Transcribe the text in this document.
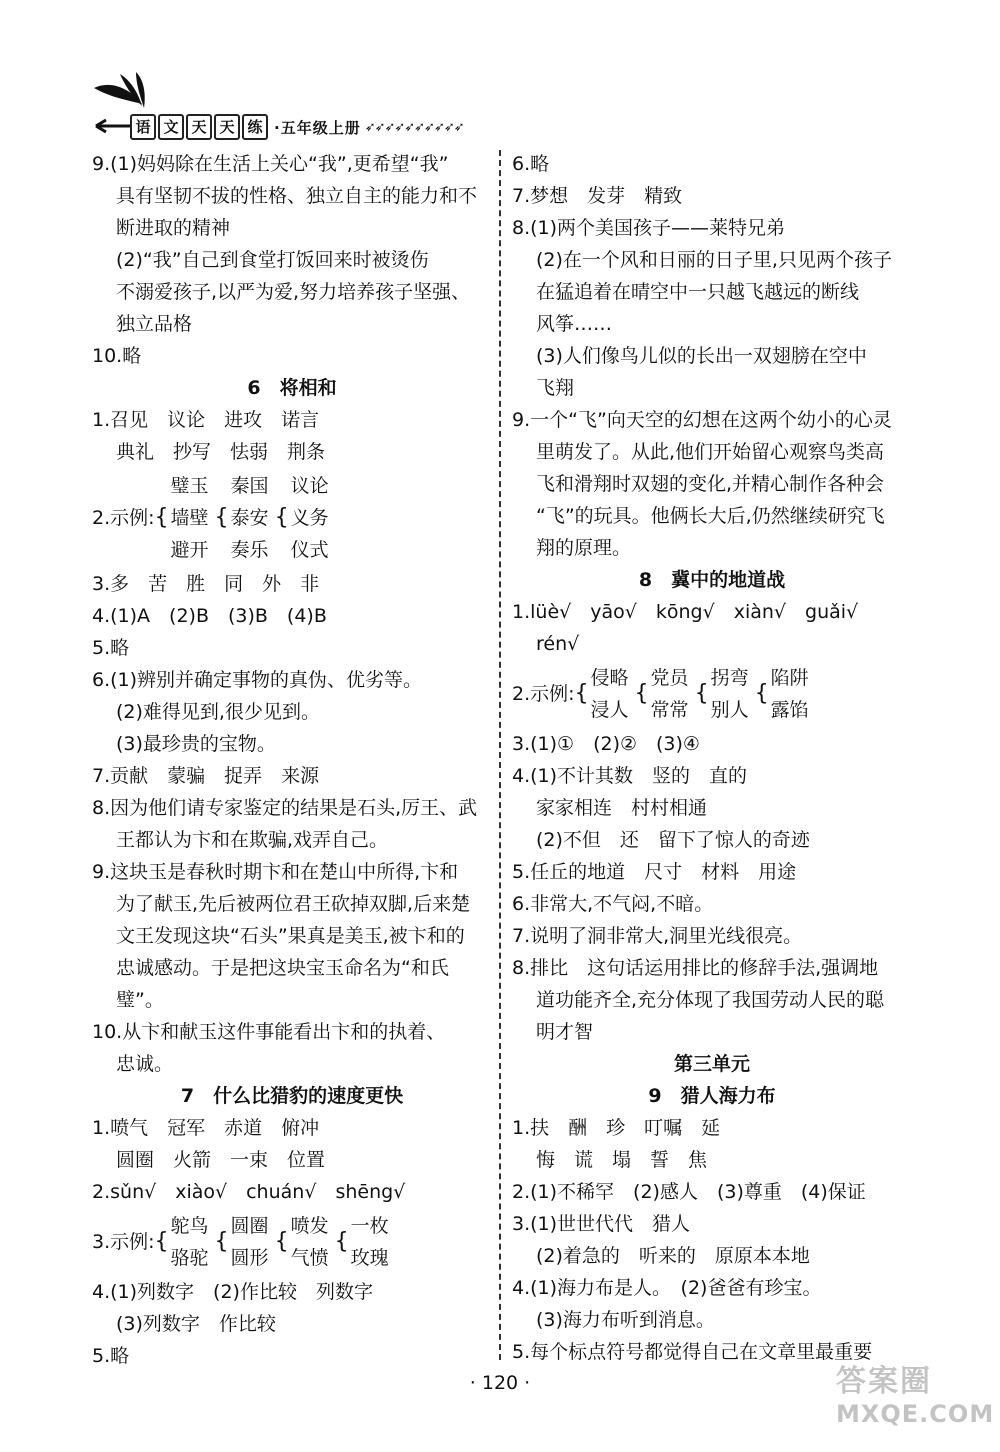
语 文 天 天 练 ·五年级上册 ➶➶➶➶➶➶➶➶➶➶
9.(1)妈妈除在生活上关心“我”,更希望“我”
具有坚韧不拔的性格、独立自主的能力和不
断进取的精神
(2)“我”自己到食堂打饭回来时被烫伤
不溺爱孩子,以严为爱,努力培养孩子坚强、
独立品格
10.略
6　将相和
1.召见　议论　进攻　诺言
典礼　抄写　怯弱　荆条
2.示例: {
璧玉
墙壁
避开
{
秦国
泰安
奏乐
{
议论
义务
仪式
3.多　苦　胜　同　外　非
4.(1)A　(2)B　(3)B　(4)B
5.略
6.(1)辨别并确定事物的真伪、优劣等。
(2)难得见到,很少见到。
(3)最珍贵的宝物。
7.贡献　蒙骗　捉弄　来源
8.因为他们请专家鉴定的结果是石头,厉王、武
王都认为卞和在欺骗,戏弄自己。
9.这块玉是春秋时期卞和在楚山中所得,卞和
为了献玉,先后被两位君王砍掉双脚,后来楚
文王发现这块“石头”果真是美玉,被卞和的
忠诚感动。于是把这块宝玉命名为“和氏
璧”。
10.从卞和献玉这件事能看出卞和的执着、
忠诚。
7　什么比猎豹的速度更快
1.喷气　冠军　赤道　俯冲
圆圈　火箭　一束　位置
2.sǔn√　xiào√　chuán√　shēng√
3.示例: {
鸵鸟
骆驼
{
圆圈
圆形
{
喷发
气愤
{
一枚
玫瑰
4.(1)列数字　(2)作比较　列数字
(3)列数字　作比较
5.略
6.略
7.梦想　发芽　精致
8.(1)两个美国孩子——莱特兄弟
(2)在一个风和日丽的日子里,只见两个孩子
在猛追着在晴空中一只越飞越远的断线
风筝……
(3)人们像鸟儿似的长出一双翅膀在空中
飞翔
9.一个“飞”向天空的幻想在这两个幼小的心灵
里萌发了。从此,他们开始留心观察鸟类高
飞和滑翔时双翅的变化,并精心制作各种会
“飞”的玩具。他俩长大后,仍然继续研究飞
翔的原理。
8　冀中的地道战
1.lüè√　yāo√　kōng√　xiàn√　guǎi√
rén√
2.示例: {
侵略
浸人
{
党员
常常
{
拐弯
别人
{
陷阱
露馅
3.(1)①　(2)②　(3)④
4.(1)不计其数　竖的　直的
家家相连　村村相通
(2)不但　还　留下了惊人的奇迹
5.任丘的地道　尺寸　材料　用途
6.非常大,不气闷,不暗。
7.说明了洞非常大,洞里光线很亮。
8.排比　这句话运用排比的修辞手法,强调地
道功能齐全,充分体现了我国劳动人民的聪
明才智
第三单元
9　猎人海力布
1.扶　酬　珍　叮嘱　延
悔　谎　塌　誓　焦
2.(1)不稀罕　(2)感人　(3)尊重　(4)保证
3.(1)世世代代　猎人
(2)着急的　听来的　原原本本地
4.(1)海力布是人。　(2)爸爸有珍宝。
(3)海力布听到消息。
5.每个标点符号都觉得自己在文章里最重要
· 120 ·	答案圈
MXQE.COM
